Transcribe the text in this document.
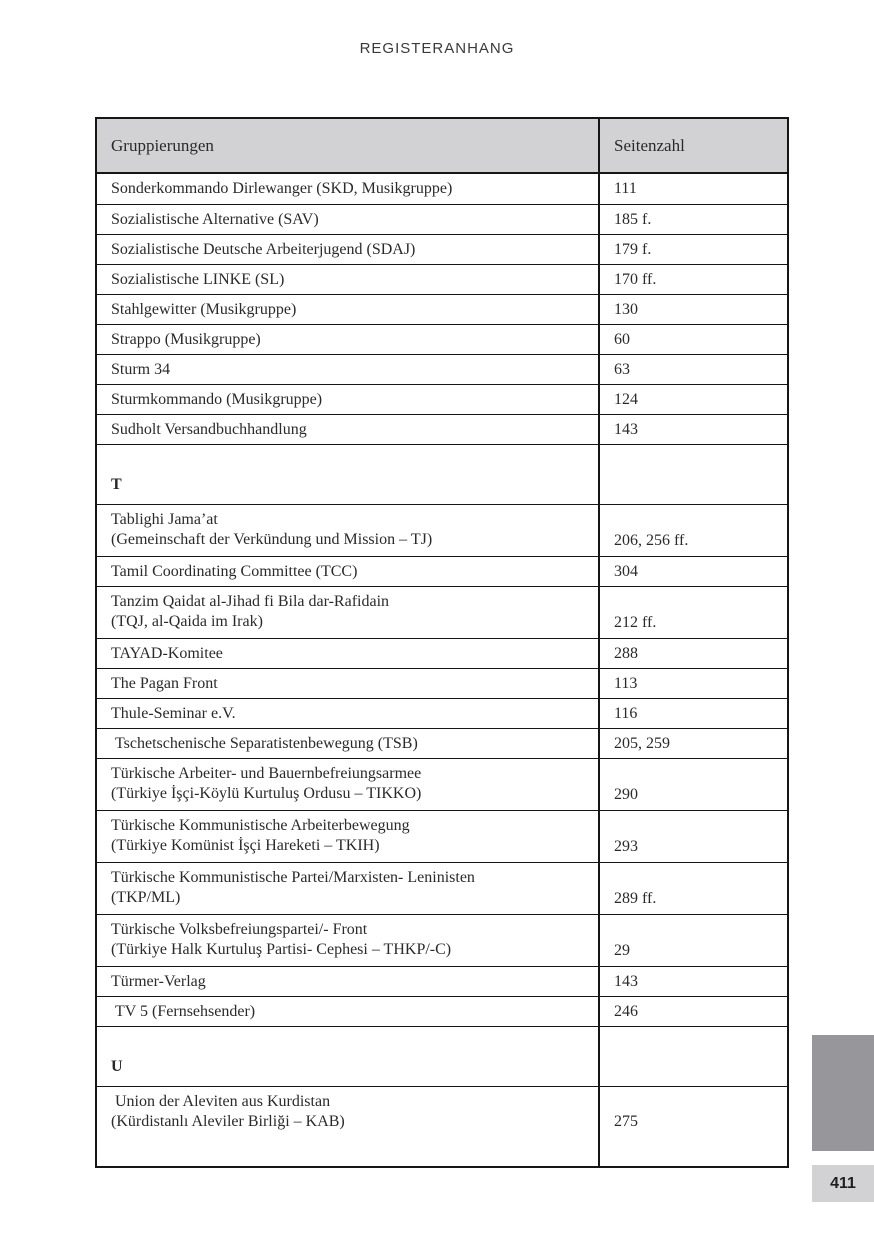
REGISTERANHANG
Gruppierungen	Seitenzahl
Sonderkommando Dirlewanger (SKD, Musikgruppe)	111
Sozialistische Alternative (SAV)	185 f.
Sozialistische Deutsche Arbeiterjugend (SDAJ)	179 f.
Sozialistische LINKE (SL)	170 ff.
Stahlgewitter (Musikgruppe)	130
Strappo (Musikgruppe)	60
Sturm 34	63
Sturmkommando (Musikgruppe)	124
Sudholt Versandbuchhandlung	143
T
Tablighi Jama’at
(Gemeinschaft der Verkündung und Mission – TJ)	206, 256 ff.
Tamil Coordinating Committee (TCC)	304
Tanzim Qaidat al-Jihad fi Bila dar-Rafidain
(TQJ, al-Qaida im Irak)	212 ff.
TAYAD-Komitee	288
The Pagan Front	113
Thule-Seminar e.V.	116
Tschetschenische Separatistenbewegung (TSB)	205, 259
Türkische Arbeiter- und Bauernbefreiungsarmee
(Türkiye İşçi-Köylü Kurtuluş Ordusu – TIKKO)	290
Türkische Kommunistische Arbeiterbewegung
(Türkiye Komünist İşçi Hareketi – TKIH)	293
Türkische Kommunistische Partei/Marxisten- Leninisten
(TKP/ML)	289 ff.
Türkische Volksbefreiungspartei/- Front
(Türkiye Halk Kurtuluş Partisi- Cephesi – THKP/-C)	29
Türmer-Verlag	143
TV 5 (Fernsehsender)	246
U
Union der Aleviten aus Kurdistan
(Kürdistanlı Aleviler Birliği – KAB)	275
411
